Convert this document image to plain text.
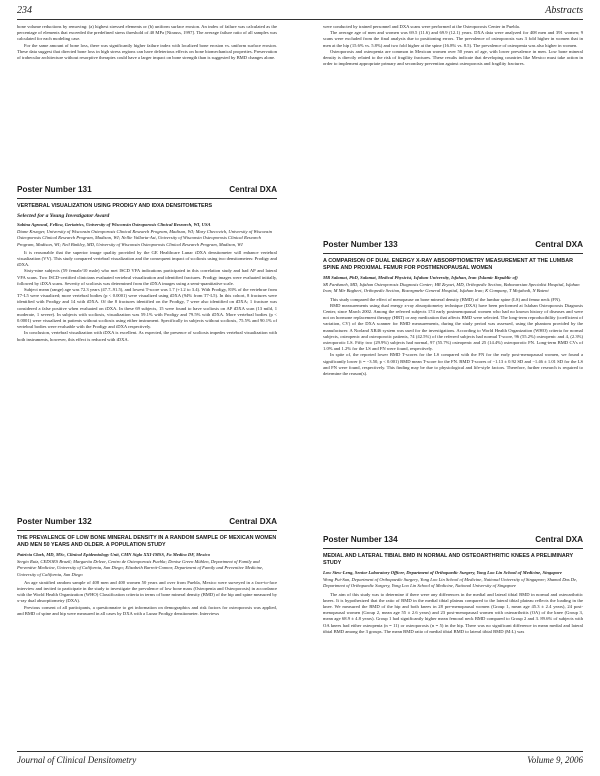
234	Abstracts

bone volume reductions by removing: (a) highest stressed elements or (b) uniform surface erosion. An index of failure was calculated as the percentage of elements that exceeded the predefined stress threshold of 40 MPa [Nirauss, 1997]. The average failure ratio of all samples was calculated for each modeling case.

For the same amount of bone loss, there was significantly higher failure index with localized bone erosion vs. uniform surface erosion. These data suggest that directed bone loss in high stress regions can have deleterious effects on bone biomechanical properties. Preservation of trabecular architecture without resorptive therapies could have a larger impact on bone strength than is suggested by BMD changes alone.

Poster Number 131	Central DXA
VERTEBRAL VISUALIZATION USING PRODIGY AND IDXA DENSITOMETERS
Selected for a Young Investigator Award
Sabina Agrawal, Fellow, Geriatrics, University of Wisconsin Osteoporosis Clinical Research, WI, USA
Diane Krueger, University of Wisconsin Osteoporosis Clinical Research Program, Madison, WI; Mary Checovich, University of Wisconsin Osteoporosis Clinical Research Program, Madison, WI; Nellie Vallarta-Ast, University of Wisconsin Osteoporosis Clinical Research Program, Madison, WI; Neil Binkley, MD, University of Wisconsin Osteoporosis Clinical Research Program, Madison, WI

It is reasonable that the superior image quality provided by the GE Healthcare Lunar iDXA densitometer will enhance vertebral visualization (VV). This study compared vertebral visualization and the consequent impact of scoliosis using two densitometers: Prodigy and iDXA.

Sixty-nine subjects (59 female/10 male) who met ISCD VFA indications participated in this correlation study and had AP and lateral VFA scans. Two ISCD-certified clinicians evaluated vertebral visualization and identified fractures. Prodigy images were evaluated initially, followed by iDXA scans. Severity of scoliosis was determined from the iDXA images using a semi-quantitative scale.

Subject mean (range) age was 72.3 years (47.7–91.5), and lowest T-score was 1.7 (+1.2 to 3.4). With Prodigy, 83% of the vertebrae from T7-L5 were visualized; more vertebral bodies (p < 0.0001) were visualized using iDXA (94% from T7-L5). In this cohort, 8 fractures were identified with Prodigy and 14 with iDXA. Of the 8 fractures identified on the Prodigy, 7 were also identified on iDXA; 1 fracture was considered a false positive when evaluated on iDXA. In these 69 subjects, 15 were found to have scoliosis on AP iDXA scan (13 mild, 1 moderate, 1 severe). In subjects with scoliosis, visualization was 59.1% with Prodigy and 79.5% with iDXA. More vertebral bodies (p < 0.0001) were visualized in patients without scoliosis using either instrument. Specifically in subjects without scoliosis, 75.5% and 90.1% of vertebral bodies were evaluable with the Prodigy and iDXA respectively.

In conclusion, vertebral visualization with iDXA is excellent. As expected, the presence of scoliosis impedes vertebral visualization with both instruments, however, this effect is reduced with iDXA.

Poster Number 132	Central DXA
THE PREVALENCE OF LOW BONE MINERAL DENSITY IN A RANDOM SAMPLE OF MEXICAN WOMEN AND MEN 50 YEARS AND OLDER. A POPULATION STUDY
Patricia Clark, MD, MSc, Clinical Epidemiology Unit, CMN Siglo XXI-IMSS, Fa Medica DF, Mexico
Sergio Ruiz, CEDOES Brazil; Margarita Deleze, Centro de Osteoporosis Puebla; Denise Green Mühlen, Department of Family and Preventive Medicine, University of California, San Diego; Elizabeth Barrett-Connor, Department of Family and Preventive Medicine, University of California, San Diego

An age stratified random sample of 408 men and 400 women 50 years and over from Puebla, Mexico were surveyed in a face-to-face interview and invited to participate in the study to investigate the prevalence of low bone mass (Osteopenia and Osteoporosis) in accordance with the World Health Organization (WHO) Classification criteria in terms of bone mineral density (BMD) of the hip and spine measured by x-ray dual absorptiometry (DXA).

Previous consent of all participants, a questionnaire to get information on demographics and risk factors for osteoporosis was applied, and BMD of spine and hip were measured in all cases by DXA with a Lunar Prodigy densitometer. Interviews

were conducted by trained personnel and DXA scans were performed at the Osteoporosis Center in Puebla.

The average age of men and women was 69.5 (11.6) and 69.9 (12.1) years. DXA data were analyzed for 408 men and 391 women; 9 scans were excluded from the final analysis due to positioning errors. The prevalence of osteoporosis was 3 fold higher in women that in men at the hip (15.6% vs. 5.8%) and two fold higher at the spine (16.8% vs. 8.5). The prevalence of osteopenia was also higher in women.

Osteoporosis and osteopenia are common in Mexican women over 50 years of age, with lower prevalence in men. Low bone mineral density is directly related to the risk of fragility fractures. These results indicate that developing countries like Mexico must take action in order to implement appropriate primary and secondary prevention against osteoporosis and fragility fractures.

Poster Number 133	Central DXA
A COMPARISON OF DUAL ENERGY X-RAY ABSORPTIOMETRY MEASUREMENT AT THE LUMBAR SPINE AND PROXIMAL FEMUR FOR POSTMENOPAUSAL WOMEN
MR Salamat, PhD, Salamat, Medical Physicist, Isfahan University, Isfahan, Iran (Islamic Republic of)
SR Fardsmeh, MD, Isfahan Osteoporosis Diagnosis Center; HR Zeyaei, MD, Orthopedic Section, Bahonarsian Specialist Hospital, Isfahan Iran; M Mir Bagheri, Orthopedic Section, Bozorgmehr General Hospital, Isfahan Iran; K Company, T Mojahedi, N Bateni

This study compared the effect of menopause on bone mineral density (BMD) of the lumbar spine (LS) and femur neck (FN).

BMD measurements using dual energy x-ray absorptiometry technique (DXA) have been performed at Isfahan Osteoporosis Diagnosis Center, since March 2002. Among the referred subjects 174 early postmenopausal women who had no known history of diseases and were not on hormone replacement therapy (HRT) or any medication that affects BMD were selected. The long-term reproducibility (coefficient of variation, CV) of the DXA scanner for BMD measurements, during the study period was assessed, using the phantom provided by the manufacturer. A Norland XR46 system was used for the investigations. According to World Health Organization (WHO) criteria for normal subjects, osteopenic and osteoporotic patients, 74 (42.5%) of the referred subjects had normal T-score, 96 (55.2%) osteopenic and 4, (2.3%) osteoporotic LS. Fifty two (29.9%) subjects had normal, 97 (55.7%) osteopenic and 25 (14.4%) osteoporotic FN. Long-term BMD CVs of 1.0% and 1.2% for the LS and FN were found, respectively.

In spite of, the reported lower BMD T-scores for the LS compared with the FN for the early post-menopausal women, we found a significantly lower (t = −3.50, p < 0.001) BMD mean T-score for the FN. BMD T-scores of −1.13 ± 0.92 SD and −1.46 ± 1.01 SD for the LS and FN were found, respectively. This finding may be due to physiological and life-style factors. Therefore, further research is required to determine the reason(s).

Poster Number 134	Central DXA
MEDIAL AND LATERAL TIBIAL BMD IN NORMAL AND OSTEOARTHRITIC KNEES A PRELIMINARY STUDY
Low Siew-Leng, Senior Laboratory Officer, Department of Orthopaedic Surgery, Yong Loo Lin School of Medicine, Singapore
Wong Pui-Sun, Department of Orthopaedic Surgery, Yong Loo Lin School of Medicine, National University of Singapore; Shamal Das De, Department of Orthopaedic Surgery, Yong Loo Lin School of Medicine, National University of Singapore

The aim of this study was to determine if there were any differences in the medial and lateral tibial BMD in normal and osteoarthritic knees. It is hypothesized that the ratio of BMD in the medial tibial plateau compared to the lateral tibial plateau reflects the loading in the knee. We measured the BMD of the hip and both knees in 28 pre-menopausal women (Group 1, mean age 45.3 ± 2.4 years), 24 post-menopausal women (Group 2, mean age 55 ± 2.6 years) and 23 post-menopausal women with osteoarthritis (OA) of the knee (Group 3, mean age 68.9 ± 4.8 years). Group 1 had significantly higher mean femoral neck BMD compared to Group 2 and 3. 89.6% of subjects with OA knees had either osteopenia (n = 11) or osteoporosis (n = 5) in the hip. There was no significant difference in mean medial and lateral tibial BMD among the 3 groups. The mean BMD ratio of medial tibial BMD to lateral tibial BMD (M:L) was

Journal of Clinical Densitometry	Volume 9, 2006
